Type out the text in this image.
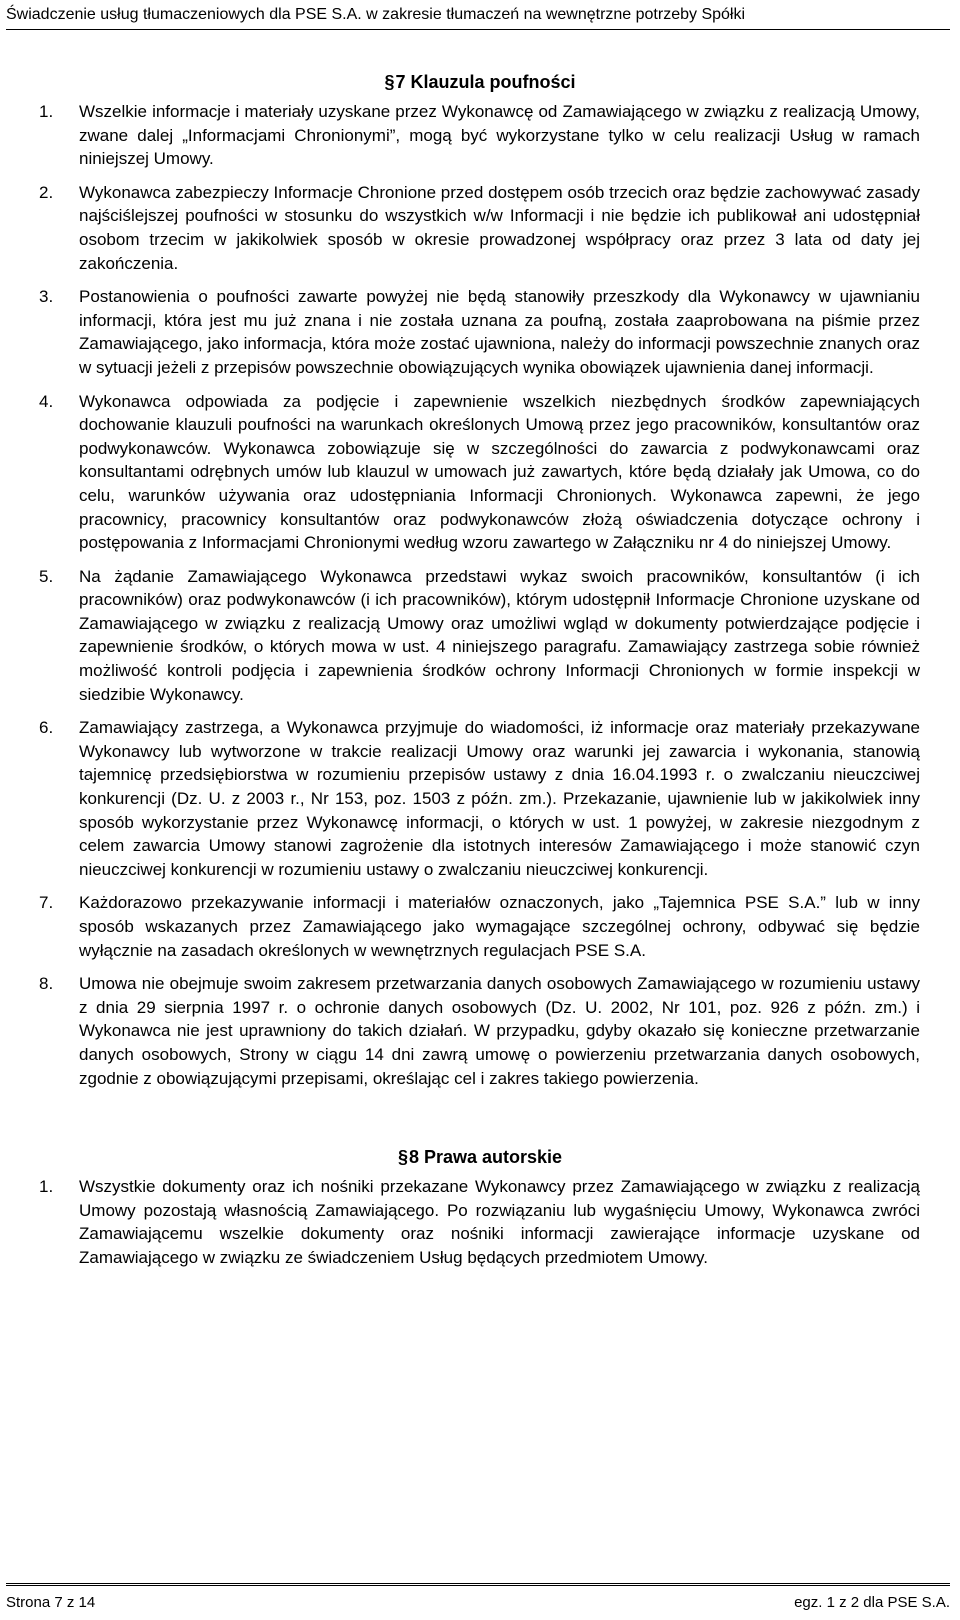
Świadczenie usług tłumaczeniowych dla PSE S.A. w zakresie tłumaczeń na wewnętrzne potrzeby Spółki
§7 Klauzula poufności
1. Wszelkie informacje i materiały uzyskane przez Wykonawcę od Zamawiającego w związku z realizacją Umowy, zwane dalej „Informacjami Chronionymi”, mogą być wykorzystane tylko w celu realizacji Usług w ramach niniejszej Umowy.
2. Wykonawca zabezpieczy Informacje Chronione przed dostępem osób trzecich oraz będzie zachowywać zasady najściślejszej poufności w stosunku do wszystkich w/w Informacji i nie będzie ich publikował ani udostępniał osobom trzecim w jakikolwiek sposób w okresie prowadzonej współpracy oraz przez 3 lata od daty jej zakończenia.
3. Postanowienia o poufności zawarte powyżej nie będą stanowiły przeszkody dla Wykonawcy w ujawnianiu informacji, która jest mu już znana i nie została uznana za poufną, została zaaprobowana na piśmie przez Zamawiającego, jako informacja, która może zostać ujawniona, należy do informacji powszechnie znanych oraz w sytuacji jeżeli z przepisów powszechnie obowiązujących wynika obowiązek ujawnienia danej informacji.
4. Wykonawca odpowiada za podjęcie i zapewnienie wszelkich niezbędnych środków zapewniających dochowanie klauzuli poufności na warunkach określonych Umową przez jego pracowników, konsultantów oraz podwykonawców. Wykonawca zobowiązuje się w szczególności do zawarcia z podwykonawcami oraz konsultantami odrębnych umów lub klauzul w umowach już zawartych, które będą działały jak Umowa, co do celu, warunków używania oraz udostępniania Informacji Chronionych. Wykonawca zapewni, że jego pracownicy, pracownicy konsultantów oraz podwykonawców złożą oświadczenia dotyczące ochrony i postępowania z Informacjami Chronionymi według wzoru zawartego w Załączniku nr 4 do niniejszej Umowy.
5. Na żądanie Zamawiającego Wykonawca przedstawi wykaz swoich pracowników, konsultantów (i ich pracowników) oraz podwykonawców (i ich pracowników), którym udostępnił Informacje Chronione uzyskane od Zamawiającego w związku z realizacją Umowy oraz umożliwi wgląd w dokumenty potwierdzające podjęcie i zapewnienie środków, o których mowa w ust. 4 niniejszego paragrafu. Zamawiający zastrzega sobie również możliwość kontroli podjęcia i zapewnienia środków ochrony Informacji Chronionych w formie inspekcji w siedzibie Wykonawcy.
6. Zamawiający zastrzega, a Wykonawca przyjmuje do wiadomości, iż informacje oraz materiały przekazywane Wykonawcy lub wytworzone w trakcie realizacji Umowy oraz warunki jej zawarcia i wykonania, stanowią tajemnicę przedsiębiorstwa w rozumieniu przepisów ustawy z dnia 16.04.1993 r. o zwalczaniu nieuczciwej konkurencji (Dz. U. z 2003 r., Nr 153, poz. 1503 z późn. zm.). Przekazanie, ujawnienie lub w jakikolwiek inny sposób wykorzystanie przez Wykonawcę informacji, o których w ust. 1 powyżej, w zakresie niezgodnym z celem zawarcia Umowy stanowi zagrożenie dla istotnych interesów Zamawiającego i może stanowić czyn nieuczciwej konkurencji w rozumieniu ustawy o zwalczaniu nieuczciwej konkurencji.
7. Każdorazowo przekazywanie informacji i materiałów oznaczonych, jako „Tajemnica PSE S.A.” lub w inny sposób wskazanych przez Zamawiającego jako wymagające szczególnej ochrony, odbywać się będzie wyłącznie na zasadach określonych w wewnętrznych regulacjach PSE S.A.
8. Umowa nie obejmuje swoim zakresem przetwarzania danych osobowych Zamawiającego w rozumieniu ustawy z dnia 29 sierpnia 1997 r. o ochronie danych osobowych (Dz. U. 2002, Nr 101, poz. 926 z późn. zm.) i Wykonawca nie jest uprawniony do takich działań. W przypadku, gdyby okazało się konieczne przetwarzanie danych osobowych, Strony w ciągu 14 dni zawrą umowę o powierzeniu przetwarzania danych osobowych, zgodnie z obowiązującymi przepisami, określając cel i zakres takiego powierzenia.
§8 Prawa autorskie
1. Wszystkie dokumenty oraz ich nośniki przekazane Wykonawcy przez Zamawiającego w związku z realizacją Umowy pozostają własnością Zamawiającego. Po rozwiązaniu lub wygaśnięciu Umowy, Wykonawca zwróci Zamawiającemu wszelkie dokumenty oraz nośniki informacji zawierające informacje uzyskane od Zamawiającego w związku ze świadczeniem Usług będących przedmiotem Umowy.
Strona 7 z 14	egz. 1 z 2 dla PSE S.A.
